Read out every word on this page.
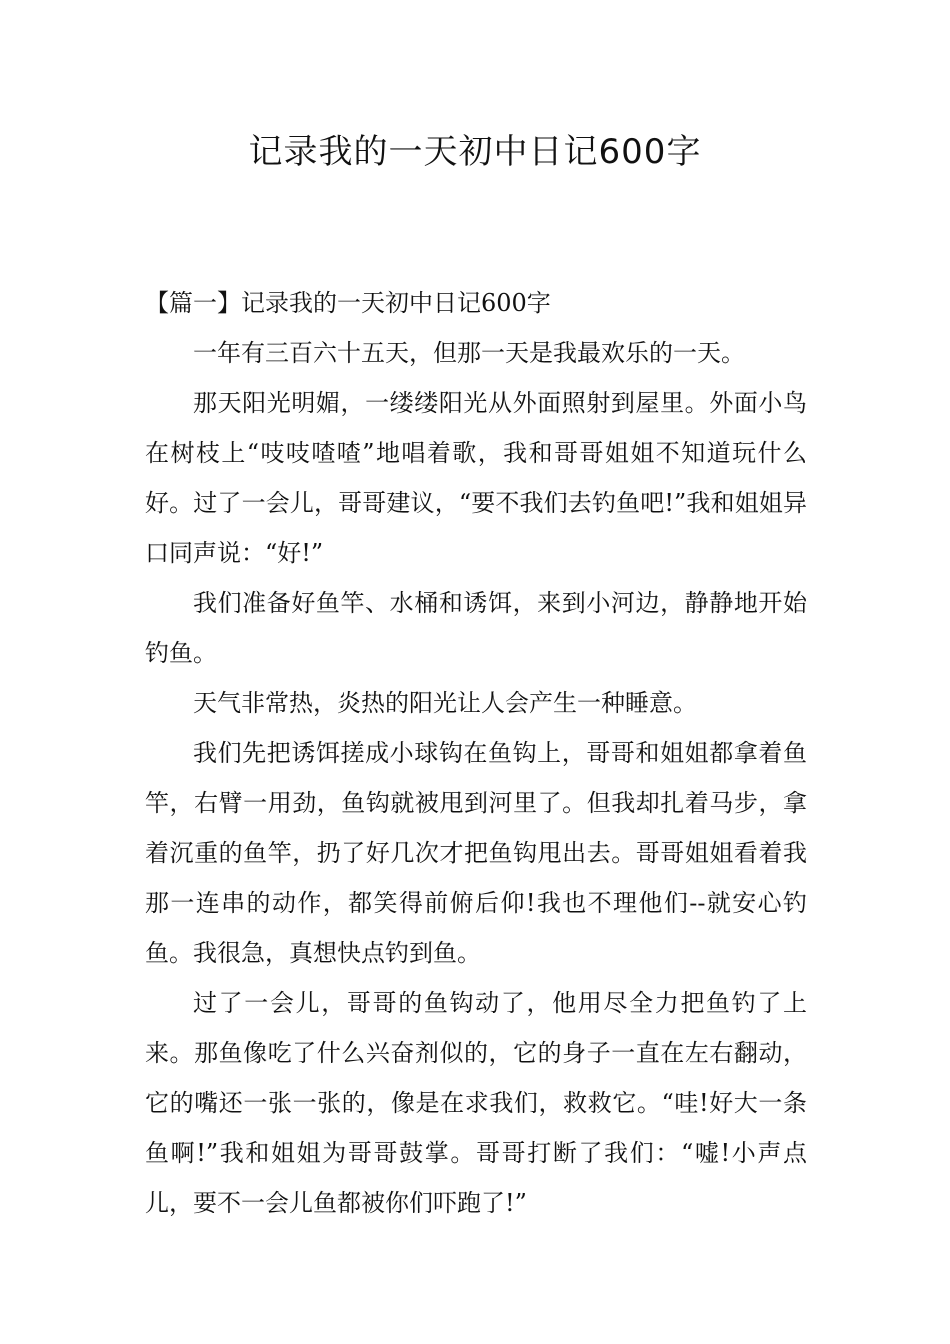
记录我的一天初中日记600字

【篇一】记录我的一天初中日记600字

一年有三百六十五天，但那一天是我最欢乐的一天。

那天阳光明媚，一缕缕阳光从外面照射到屋里。外面小鸟在树枝上“吱吱喳喳”地唱着歌，我和哥哥姐姐不知道玩什么好。过了一会儿，哥哥建议，“要不我们去钓鱼吧!”我和姐姐异口同声说：“好!”

我们准备好鱼竿、水桶和诱饵，来到小河边，静静地开始钓鱼。

天气非常热，炎热的阳光让人会产生一种睡意。

我们先把诱饵搓成小球钩在鱼钩上，哥哥和姐姐都拿着鱼竿，右臂一用劲，鱼钩就被甩到河里了。但我却扎着马步，拿着沉重的鱼竿，扔了好几次才把鱼钩甩出去。哥哥姐姐看着我那一连串的动作，都笑得前俯后仰!我也不理他们--就安心钓鱼。我很急，真想快点钓到鱼。

过了一会儿，哥哥的鱼钩动了，他用尽全力把鱼钓了上来。那鱼像吃了什么兴奋剂似的，它的身子一直在左右翻动，它的嘴还一张一张的，像是在求我们，救救它。“哇!好大一条鱼啊!”我和姐姐为哥哥鼓掌。哥哥打断了我们：“嘘!小声点儿，要不一会儿鱼都被你们吓跑了!”
